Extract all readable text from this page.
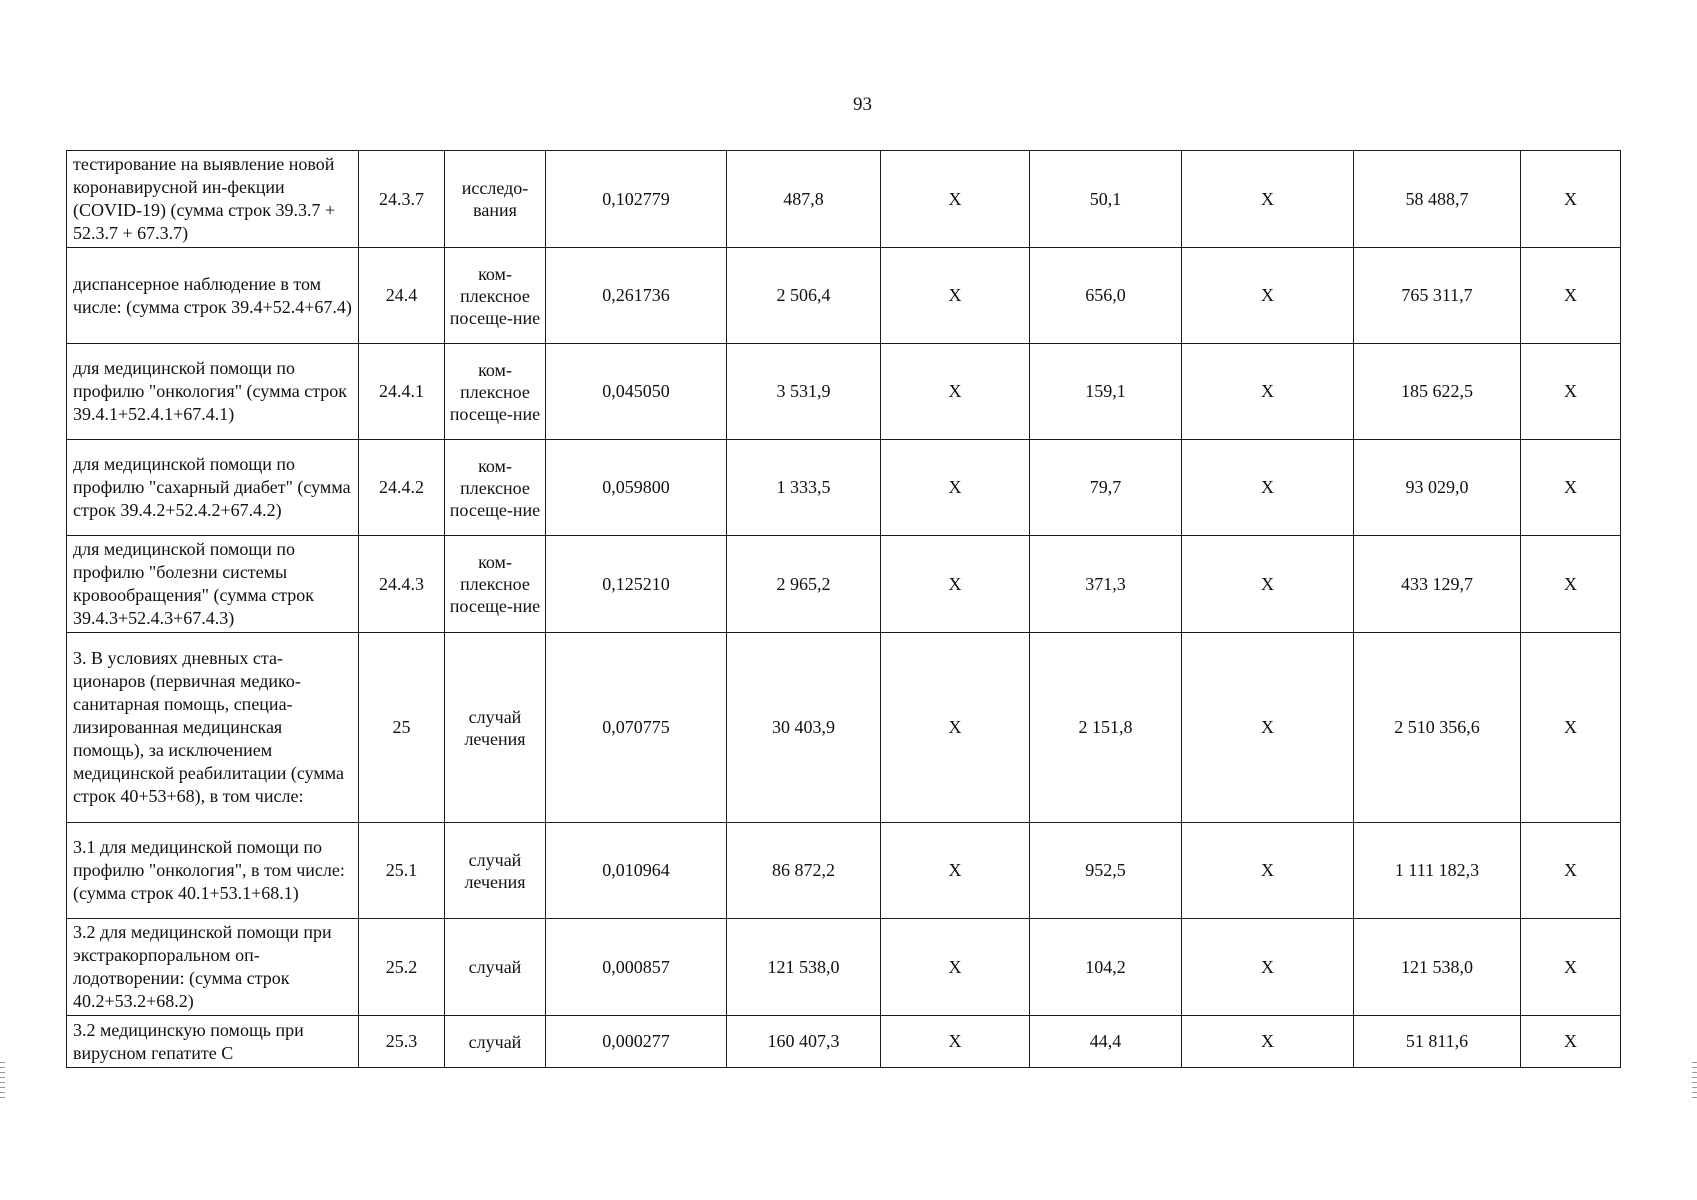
93
тестирование на выявление новой коронавирусной ин-фекции (COVID-19) (сумма строк 39.3.7 + 52.3.7 + 67.3.7)	24.3.7	исследо-вания	0,102779	487,8	X	50,1	X	58 488,7	X
диспансерное наблюдение в том числе: (сумма строк 39.4+52.4+67.4)	24.4	ком-плексное посеще-ние	0,261736	2 506,4	X	656,0	X	765 311,7	X
для медицинской помощи по профилю "онкология" (сумма строк 39.4.1+52.4.1+67.4.1)	24.4.1	ком-плексное посеще-ние	0,045050	3 531,9	X	159,1	X	185 622,5	X
для медицинской помощи по профилю "сахарный диабет" (сумма строк 39.4.2+52.4.2+67.4.2)	24.4.2	ком-плексное посеще-ние	0,059800	1 333,5	X	79,7	X	93 029,0	X
для медицинской помощи по профилю "болезни системы кровообращения" (сумма строк 39.4.3+52.4.3+67.4.3)	24.4.3	ком-плексное посеще-ние	0,125210	2 965,2	X	371,3	X	433 129,7	X
3. В условиях дневных ста-ционаров (первичная медико-санитарная помощь, специа-лизированная медицинская помощь), за исключением медицинской реабилитации (сумма строк 40+53+68), в том числе:	25	случай лечения	0,070775	30 403,9	X	2 151,8	X	2 510 356,6	X
3.1 для медицинской помощи по профилю "онкология", в том числе: (сумма строк 40.1+53.1+68.1)	25.1	случай лечения	0,010964	86 872,2	X	952,5	X	1 111 182,3	X
3.2 для медицинской помощи при экстракорпоральном оп-лодотворении: (сумма строк 40.2+53.2+68.2)	25.2	случай	0,000857	121 538,0	X	104,2	X	121 538,0	X
3.2 медицинскую помощь при вирусном гепатите С	25.3	случай	0,000277	160 407,3	X	44,4	X	51 811,6	X
